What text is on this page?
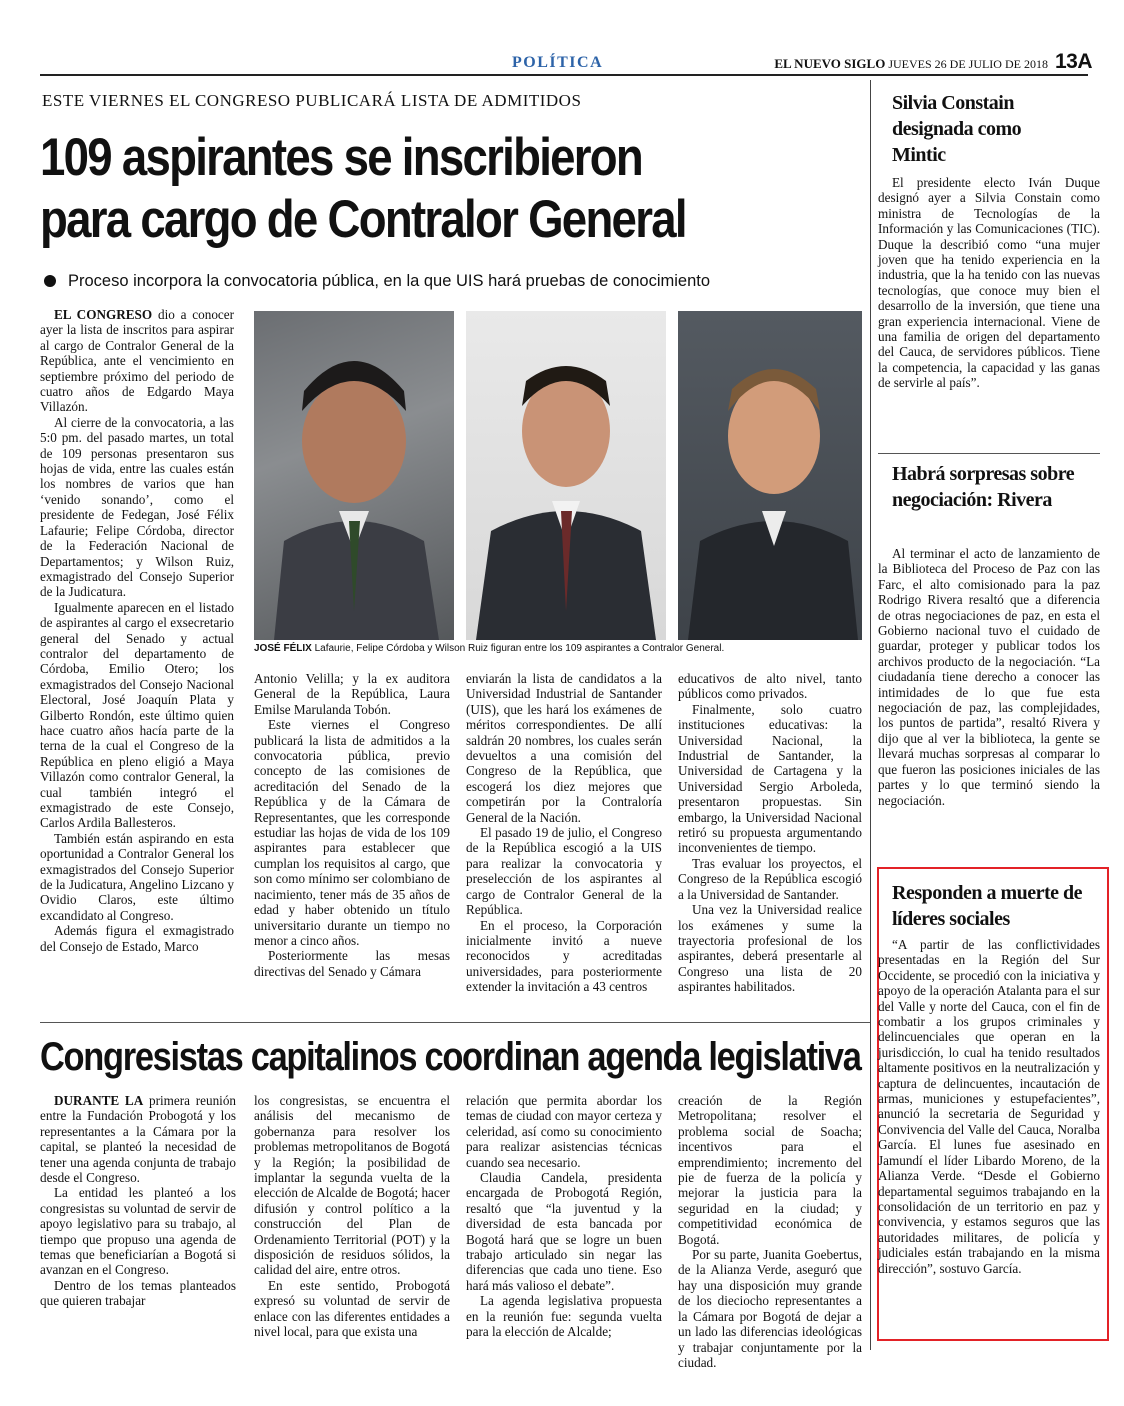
POLÍTICA	EL NUEVO SIGLO JUEVES 26 DE JULIO DE 2018 13A
ESTE VIERNES EL CONGRESO PUBLICARÁ LISTA DE ADMITIDOS
109 aspirantes se inscribieron para cargo de Contralor General
Proceso incorpora la convocatoria pública, en la que UIS hará pruebas de conocimiento

EL CONGRESO dio a conocer ayer la lista de inscritos para aspirar al cargo de Contralor General de la República, ante el vencimiento en septiembre próximo del periodo de cuatro años de Edgardo Maya Villazón.

Al cierre de la convocatoria, a las 5:0 pm. del pasado martes, un total de 109 personas presentaron sus hojas de vida, entre las cuales están los nombres de varios que han ‘venido sonando’, como el presidente de Fedegan, José Félix Lafaurie; Felipe Córdoba, director de la Federación Nacional de Departamentos; y Wilson Ruiz, exmagistrado del Consejo Superior de la Judicatura.

Igualmente aparecen en el listado de aspirantes al cargo el exsecretario general del Senado y actual contralor del departamento de Córdoba, Emilio Otero; los exmagistrados del Consejo Nacional Electoral, José Joaquín Plata y Gilberto Rondón, este último quien hace cuatro años hacía parte de la terna de la cual el Congreso de la República en pleno eligió a Maya Villazón como contralor General, la cual también integró el exmagistrado de este Consejo, Carlos Ardila Ballesteros.

También están aspirando en esta oportunidad a Contralor General los exmagistrados del Consejo Superior de la Judicatura, Angelino Lizcano y Ovidio Claros, este último excandidato al Congreso.

Además figura el exmagistrado del Consejo de Estado, Marco

JOSÉ FÉLIX Lafaurie, Felipe Córdoba y Wilson Ruiz figuran entre los 109 aspirantes a Contralor General.

Antonio Velilla; y la ex auditora General de la República, Laura Emilse Marulanda Tobón.

Este viernes el Congreso publicará la lista de admitidos a la convocatoria pública, previo concepto de las comisiones de acreditación del Senado de la República y de la Cámara de Representantes, que les corresponde estudiar las hojas de vida de los 109 aspirantes para establecer que cumplan los requisitos al cargo, que son como mínimo ser colombiano de nacimiento, tener más de 35 años de edad y haber obtenido un título universitario durante un tiempo no menor a cinco años.

Posteriormente las mesas directivas del Senado y Cámara

enviarán la lista de candidatos a la Universidad Industrial de Santander (UIS), que les hará los exámenes de méritos correspondientes. De allí saldrán 20 nombres, los cuales serán devueltos a una comisión del Congreso de la República, que escogerá los diez mejores que competirán por la Contraloría General de la Nación.

El pasado 19 de julio, el Congreso de la República escogió a la UIS para realizar la convocatoria y preselección de los aspirantes al cargo de Contralor General de la República.

En el proceso, la Corporación inicialmente invitó a nueve reconocidos y acreditadas universidades, para posteriormente extender la invitación a 43 centros

educativos de alto nivel, tanto públicos como privados.

Finalmente, solo cuatro instituciones educativas: la Universidad Nacional, la Industrial de Santander, la Universidad de Cartagena y la Universidad Sergio Arboleda, presentaron propuestas. Sin embargo, la Universidad Nacional retiró su propuesta argumentando inconvenientes de tiempo.

Tras evaluar los proyectos, el Congreso de la República escogió a la Universidad de Santander.

Una vez la Universidad realice los exámenes y sume la trayectoria profesional de los aspirantes, deberá presentarle al Congreso una lista de 20 aspirantes habilitados.

Congresistas capitalinos coordinan agenda legislativa

DURANTE LA primera reunión entre la Fundación Probogotá y los representantes a la Cámara por la capital, se planteó la necesidad de tener una agenda conjunta de trabajo desde el Congreso.

La entidad les planteó a los congresistas su voluntad de servir de apoyo legislativo para su trabajo, al tiempo que propuso una agenda de temas que beneficiarían a Bogotá si avanzan en el Congreso.

Dentro de los temas planteados que quieren trabajar

los congresistas, se encuentra el análisis del mecanismo de gobernanza para resolver los problemas metropolitanos de Bogotá y la Región; la posibilidad de implantar la segunda vuelta de la elección de Alcalde de Bogotá; hacer difusión y control político a la construcción del Plan de Ordenamiento Territorial (POT) y la disposición de residuos sólidos, la calidad del aire, entre otros.

En este sentido, Probogotá expresó su voluntad de servir de enlace con las diferentes entidades a nivel local, para que exista una

relación que permita abordar los temas de ciudad con mayor certeza y celeridad, así como su conocimiento para realizar asistencias técnicas cuando sea necesario.

Claudia Candela, presidenta encargada de Probogotá Región, resaltó que “la juventud y la diversidad de esta bancada por Bogotá hará que se logre un buen trabajo articulado sin negar las diferencias que cada uno tiene. Eso hará más valioso el debate”.

La agenda legislativa propuesta en la reunión fue: segunda vuelta para la elección de Alcalde;

creación de la Región Metropolitana; resolver el problema social de Soacha; incentivos para el emprendimiento; incremento del pie de fuerza de la policía y mejorar la justicia para la seguridad en la ciudad; y competitividad económica de Bogotá.

Por su parte, Juanita Goebertus, de la Alianza Verde, aseguró que hay una disposición muy grande de los dieciocho representantes a la Cámara por Bogotá de dejar a un lado las diferencias ideológicas y trabajar conjuntamente por la ciudad.

Silvia Constain designada como Mintic

El presidente electo Iván Duque designó ayer a Silvia Constain como ministra de Tecnologías de la Información y las Comunicaciones (TIC). Duque la describió como “una mujer joven que ha tenido experiencia en la industria, que la ha tenido con las nuevas tecnologías, que conoce muy bien el desarrollo de la inversión, que tiene una gran experiencia internacional. Viene de una familia de origen del departamento del Cauca, de servidores públicos. Tiene la competencia, la capacidad y las ganas de servirle al país”.

Habrá sorpresas sobre negociación: Rivera

Al terminar el acto de lanzamiento de la Biblioteca del Proceso de Paz con las Farc, el alto comisionado para la paz Rodrigo Rivera resaltó que a diferencia de otras negociaciones de paz, en esta el Gobierno nacional tuvo el cuidado de guardar, proteger y publicar todos los archivos producto de la negociación. “La ciudadanía tiene derecho a conocer las intimidades de lo que fue esta negociación de paz, las complejidades, los puntos de partida”, resaltó Rivera y dijo que al ver la biblioteca, la gente se llevará muchas sorpresas al comparar lo que fueron las posiciones iniciales de las partes y lo que terminó siendo la negociación.

Responden a muerte de líderes sociales

“A partir de las conflictividades presentadas en la Región del Sur Occidente, se procedió con la iniciativa y apoyo de la operación Atalanta para el sur del Valle y norte del Cauca, con el fin de combatir a los grupos criminales y delincuenciales que operan en la jurisdicción, lo cual ha tenido resultados altamente positivos en la neutralización y captura de delincuentes, incautación de armas, municiones y estupefacientes”, anunció la secretaria de Seguridad y Convivencia del Valle del Cauca, Noralba García. El lunes fue asesinado en Jamundí el líder Libardo Moreno, de la Alianza Verde. “Desde el Gobierno departamental seguimos trabajando en la consolidación de un territorio en paz y convivencia, y estamos seguros que las autoridades militares, de policía y judiciales están trabajando en la misma dirección”, sostuvo García.
